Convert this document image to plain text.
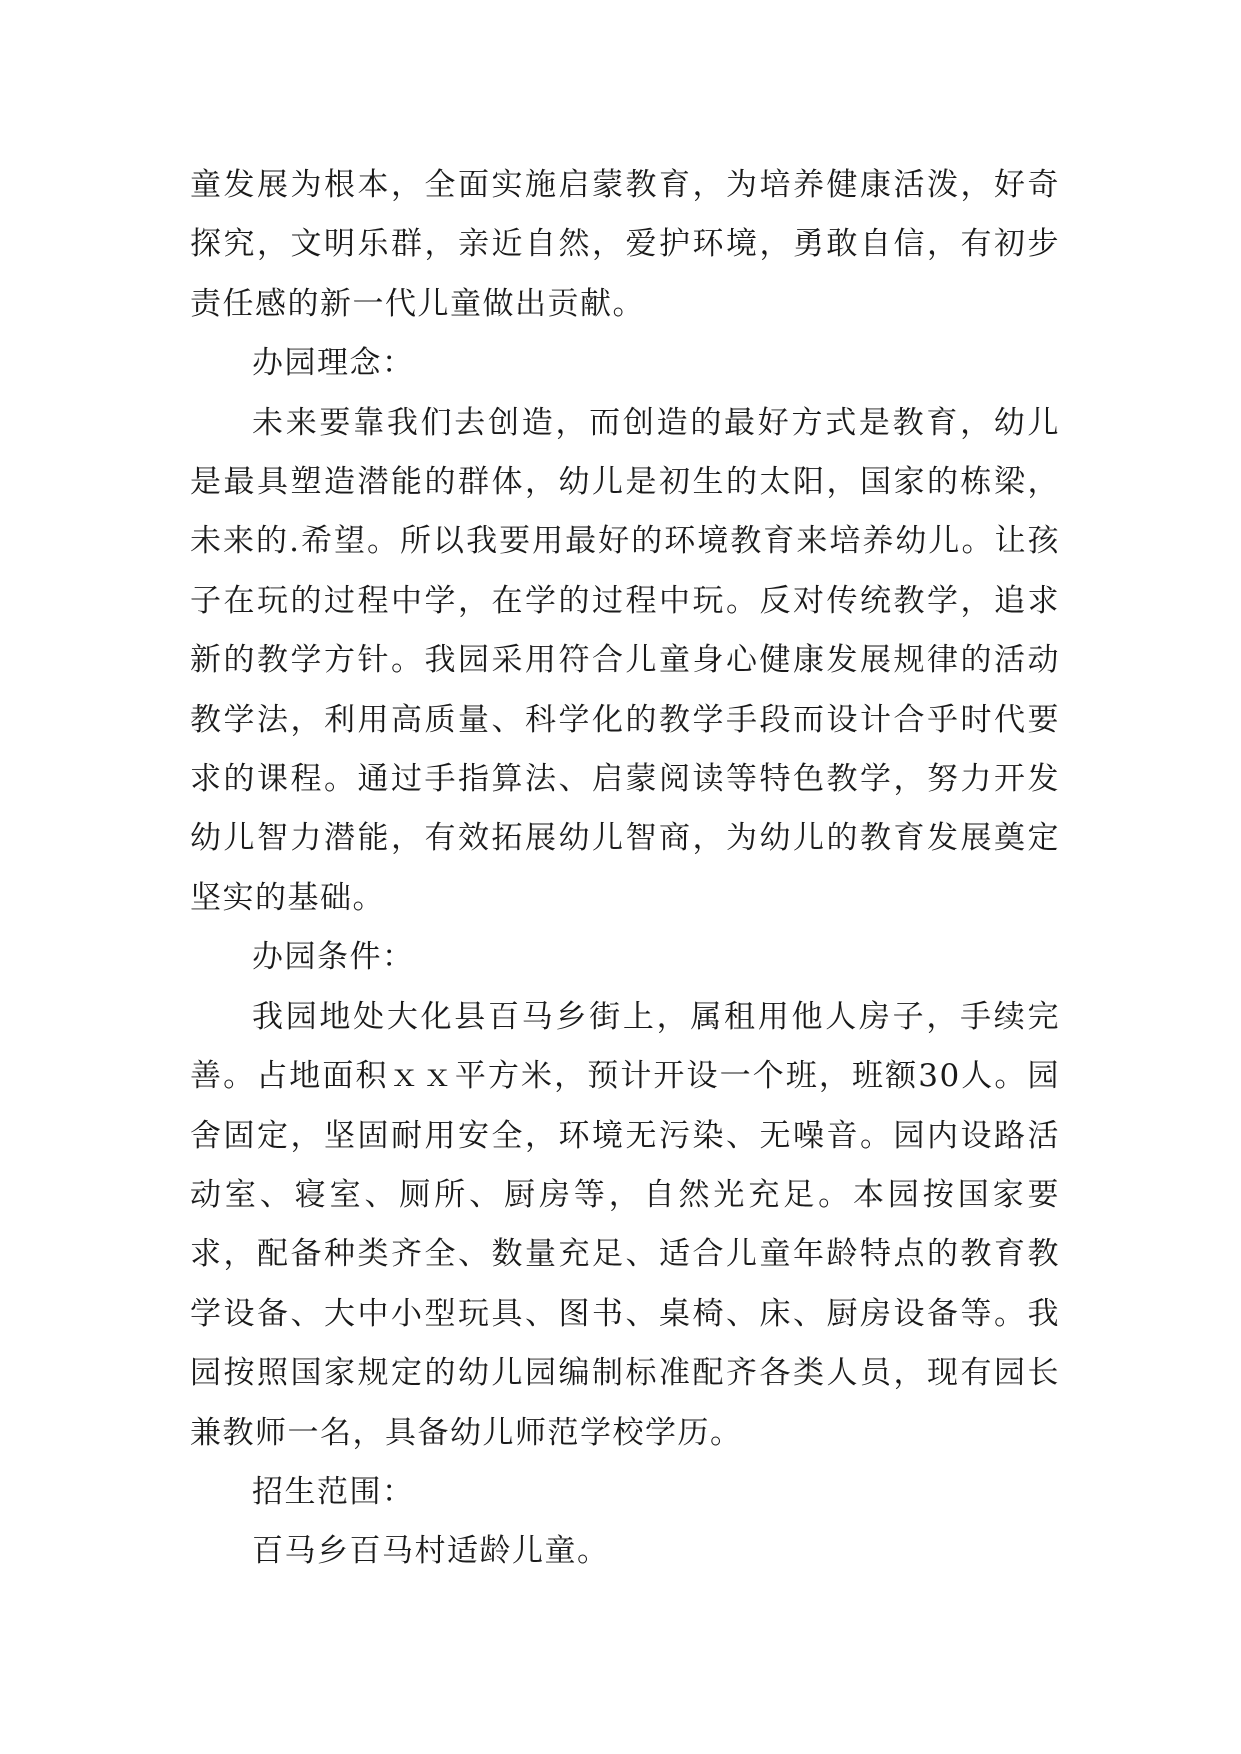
童发展为根本，全面实施启蒙教育，为培养健康活泼，好奇探究，文明乐群，亲近自然，爱护环境，勇敢自信，有初步责任感的新一代儿童做出贡献。

办园理念：

未来要靠我们去创造，而创造的最好方式是教育，幼儿是最具塑造潜能的群体，幼儿是初生的太阳，国家的栋梁，未来的.希望。所以我要用最好的环境教育来培养幼儿。让孩子在玩的过程中学，在学的过程中玩。反对传统教学，追求新的教学方针。我园采用符合儿童身心健康发展规律的活动教学法，利用高质量、科学化的教学手段而设计合乎时代要求的课程。通过手指算法、启蒙阅读等特色教学，努力开发幼儿智力潜能，有效拓展幼儿智商，为幼儿的教育发展奠定坚实的基础。

办园条件：

我园地处大化县百马乡街上，属租用他人房子，手续完善。占地面积ｘｘ平方米，预计开设一个班，班额30人。园舍固定，坚固耐用安全，环境无污染、无噪音。园内设路活动室、寝室、厕所、厨房等，自然光充足。本园按国家要求，配备种类齐全、数量充足、适合儿童年龄特点的教育教学设备、大中小型玩具、图书、桌椅、床、厨房设备等。我园按照国家规定的幼儿园编制标准配齐各类人员，现有园长兼教师一名，具备幼儿师范学校学历。

招生范围：

百马乡百马村适龄儿童。
